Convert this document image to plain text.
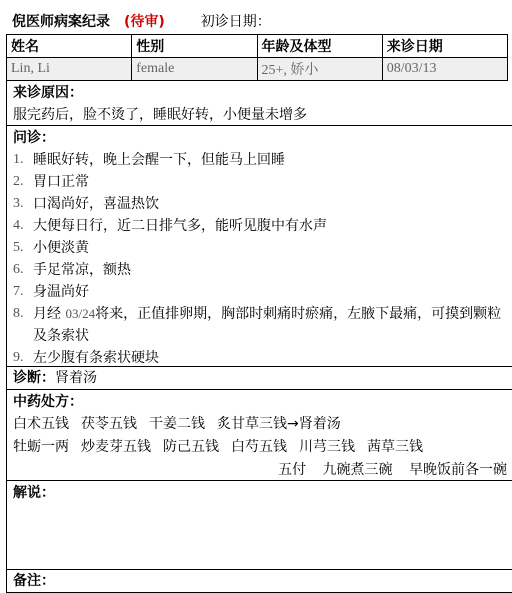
倪医师病案纪录 (待审)	初诊日期：
姓名	性别	年龄及体型	来诊日期
Lin, Li	female	25+, 娇小	08/03/13
来诊原因：
服完药后，脸不烫了，睡眠好转，小便量未增多
问诊：
1. 睡眠好转，晚上会醒一下，但能马上回睡
2. 胃口正常
3. 口渴尚好，喜温热饮
4. 大便每日行，近二日排气多，能听见腹中有水声
5. 小便淡黄
6. 手足常凉，额热
7. 身温尚好
8. 月经 03/24将来，正值排卵期，胸部时刺痛时瘀痛，左腋下最痛，可摸到颗粒及条索状
9. 左少腹有条索状硬块
诊断：肾着汤
中药处方：
白术五钱 茯苓五钱 干姜二钱 炙甘草三钱→肾着汤
牡蛎一两 炒麦芽五钱 防己五钱 白芍五钱 川芎三钱 茜草三钱
五付 九碗煮三碗 早晚饭前各一碗
解说：
备注：
